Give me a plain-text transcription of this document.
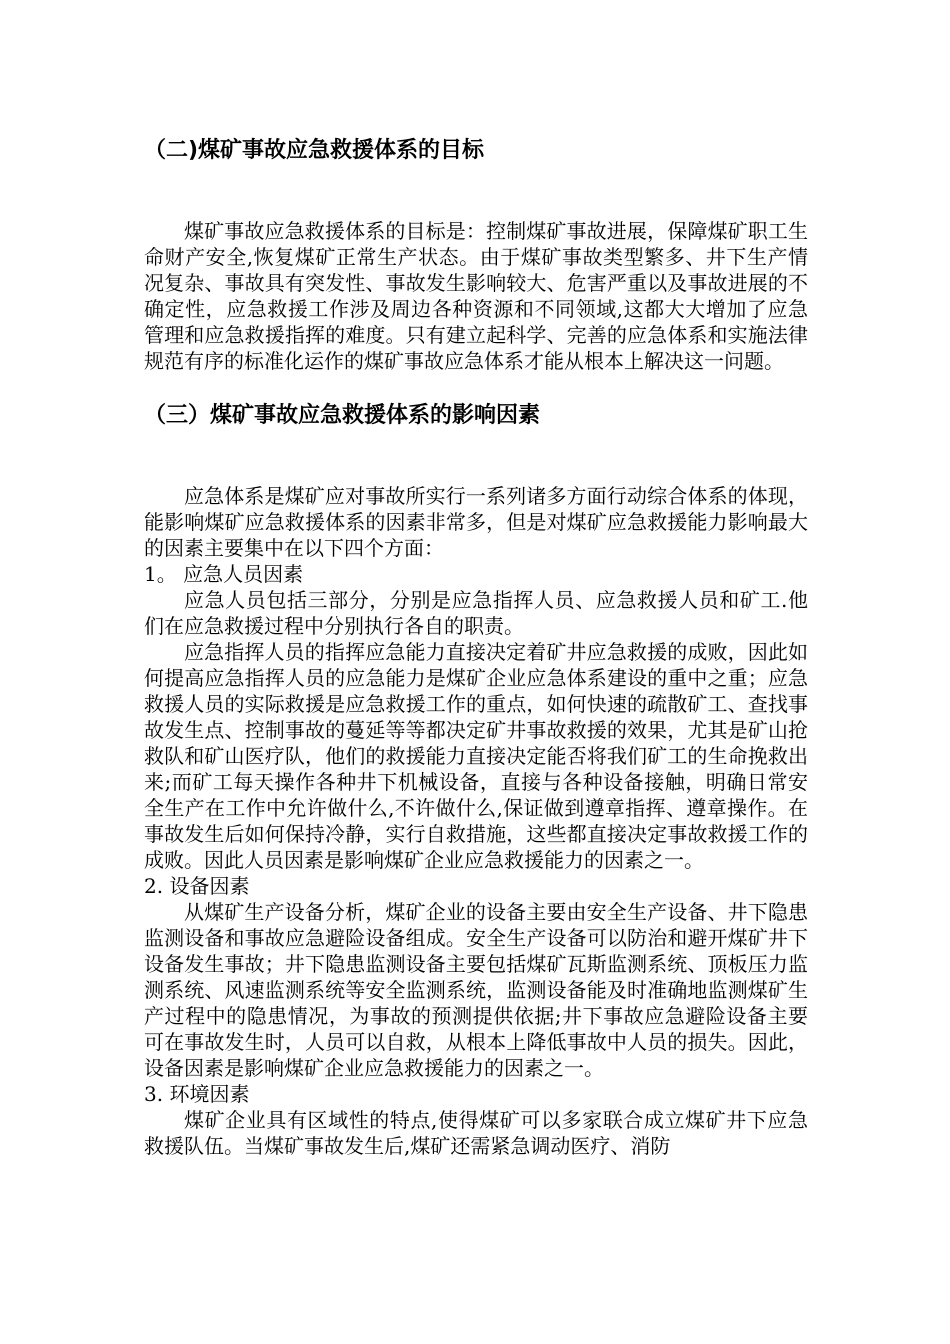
（二)煤矿事故应急救援体系的目标

煤矿事故应急救援体系的目标是：控制煤矿事故进展，保障煤矿职工生命财产安全,恢复煤矿正常生产状态。由于煤矿事故类型繁多、井下生产情况复杂、事故具有突发性、事故发生影响较大、危害严重以及事故进展的不确定性，应急救援工作涉及周边各种资源和不同领域,这都大大增加了应急管理和应急救援指挥的难度。只有建立起科学、完善的应急体系和实施法律规范有序的标准化运作的煤矿事故应急体系才能从根本上解决这一问题。

（三）煤矿事故应急救援体系的影响因素

应急体系是煤矿应对事故所实行一系列诸多方面行动综合体系的体现，能影响煤矿应急救援体系的因素非常多，但是对煤矿应急救援能力影响最大的因素主要集中在以下四个方面：

1。 应急人员因素

应急人员包括三部分，分别是应急指挥人员、应急救援人员和矿工.他们在应急救援过程中分别执行各自的职责。

应急指挥人员的指挥应急能力直接决定着矿井应急救援的成败，因此如何提高应急指挥人员的应急能力是煤矿企业应急体系建设的重中之重；应急救援人员的实际救援是应急救援工作的重点，如何快速的疏散矿工、查找事故发生点、控制事故的蔓延等等都决定矿井事故救援的效果，尤其是矿山抢救队和矿山医疗队，他们的救援能力直接决定能否将我们矿工的生命挽救出来;而矿工每天操作各种井下机械设备，直接与各种设备接触，明确日常安全生产在工作中允许做什么,不许做什么,保证做到遵章指挥、遵章操作。在事故发生后如何保持冷静，实行自救措施，这些都直接决定事故救援工作的成败。因此人员因素是影响煤矿企业应急救援能力的因素之一。

2. 设备因素

从煤矿生产设备分析，煤矿企业的设备主要由安全生产设备、井下隐患监测设备和事故应急避险设备组成。安全生产设备可以防治和避开煤矿井下设备发生事故；井下隐患监测设备主要包括煤矿瓦斯监测系统、顶板压力监测系统、风速监测系统等安全监测系统，监测设备能及时准确地监测煤矿生产过程中的隐患情况，为事故的预测提供依据;井下事故应急避险设备主要可在事故发生时，人员可以自救，从根本上降低事故中人员的损失。因此，设备因素是影响煤矿企业应急救援能力的因素之一。

3. 环境因素

煤矿企业具有区域性的特点,使得煤矿可以多家联合成立煤矿井下应急救援队伍。当煤矿事故发生后,煤矿还需紧急调动医疗、消防
